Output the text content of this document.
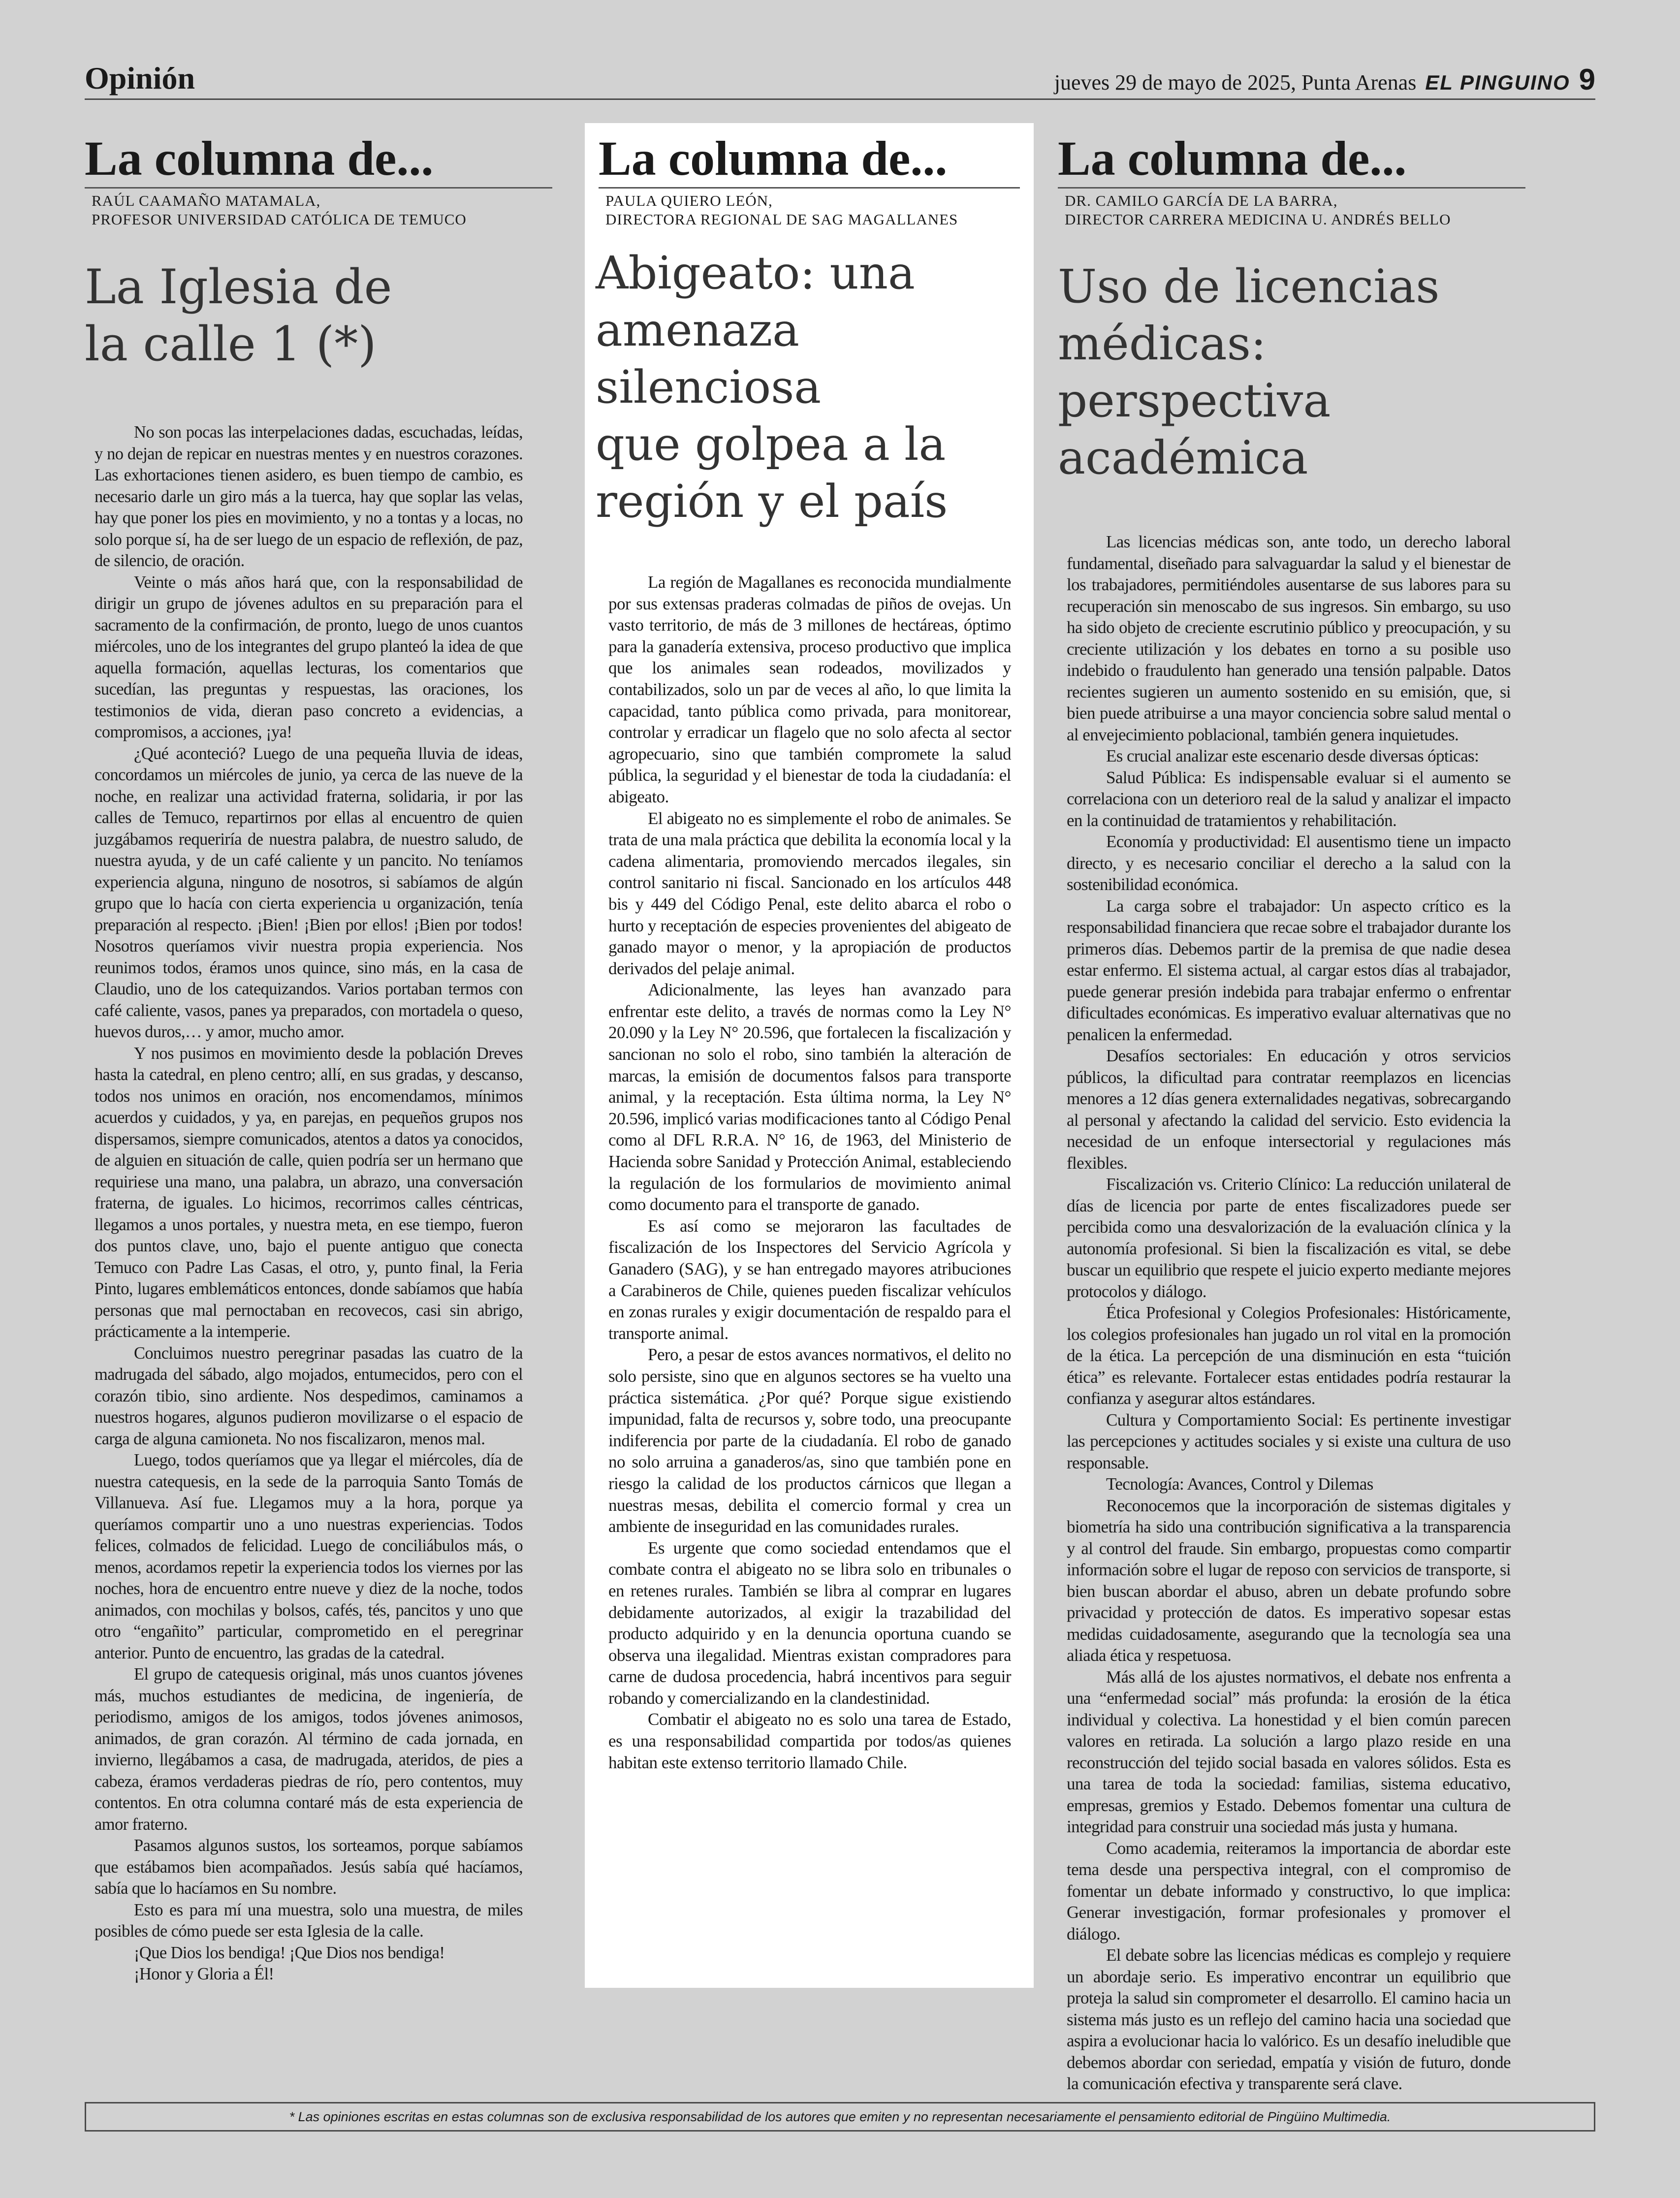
Opinión	jueves 29 de mayo de 2025, Punta Arenas EL PINGUINO 9
La columna de...
RAÚL CAAMAÑO MATAMALA,
PROFESOR UNIVERSIDAD CATÓLICA DE TEMUCO
La Iglesia de
la calle 1 (*)

No son pocas las interpelaciones dadas, escuchadas, leídas, y no dejan de repicar en nuestras mentes y en nuestros corazones. Las exhortaciones tienen asidero, es buen tiempo de cambio, es necesario darle un giro más a la tuerca, hay que soplar las velas, hay que poner los pies en movimiento, y no a tontas y a locas, no solo porque sí, ha de ser luego de un espacio de reflexión, de paz, de silencio, de oración.

Veinte o más años hará que, con la responsabilidad de dirigir un grupo de jóvenes adultos en su preparación para el sacramento de la confirmación, de pronto, luego de unos cuantos miércoles, uno de los integrantes del grupo planteó la idea de que aquella formación, aquellas lecturas, los comentarios que sucedían, las preguntas y respuestas, las oraciones, los testimonios de vida, dieran paso concreto a evidencias, a compromisos, a acciones, ¡ya!

¿Qué aconteció? Luego de una pequeña lluvia de ideas, concordamos un miércoles de junio, ya cerca de las nueve de la noche, en realizar una actividad fraterna, solidaria, ir por las calles de Temuco, repartirnos por ellas al encuentro de quien juzgábamos requeriría de nuestra palabra, de nuestro saludo, de nuestra ayuda, y de un café caliente y un pancito. No teníamos experiencia alguna, ninguno de nosotros, si sabíamos de algún grupo que lo hacía con cierta experiencia u organización, tenía preparación al respecto. ¡Bien! ¡Bien por ellos! ¡Bien por todos! Nosotros queríamos vivir nuestra propia experiencia. Nos reunimos todos, éramos unos quince, sino más, en la casa de Claudio, uno de los catequizandos. Varios portaban termos con café caliente, vasos, panes ya preparados, con mortadela o queso, huevos duros,… y amor, mucho amor.

Y nos pusimos en movimiento desde la población Dreves hasta la catedral, en pleno centro; allí, en sus gradas, y descanso, todos nos unimos en oración, nos encomendamos, mínimos acuerdos y cuidados, y ya, en parejas, en pequeños grupos nos dispersamos, siempre comunicados, atentos a datos ya conocidos, de alguien en situación de calle, quien podría ser un hermano que requiriese una mano, una palabra, un abrazo, una conversación fraterna, de iguales. Lo hicimos, recorrimos calles céntricas, llegamos a unos portales, y nuestra meta, en ese tiempo, fueron dos puntos clave, uno, bajo el puente antiguo que conecta Temuco con Padre Las Casas, el otro, y, punto final, la Feria Pinto, lugares emblemáticos entonces, donde sabíamos que había personas que mal pernoctaban en recovecos, casi sin abrigo, prácticamente a la intemperie.

Concluimos nuestro peregrinar pasadas las cuatro de la madrugada del sábado, algo mojados, entumecidos, pero con el corazón tibio, sino ardiente. Nos despedimos, caminamos a nuestros hogares, algunos pudieron movilizarse o el espacio de carga de alguna camioneta. No nos fiscalizaron, menos mal.

Luego, todos queríamos que ya llegar el miércoles, día de nuestra catequesis, en la sede de la parroquia Santo Tomás de Villanueva. Así fue. Llegamos muy a la hora, porque ya queríamos compartir uno a uno nuestras experiencias. Todos felices, colmados de felicidad. Luego de conciliábulos más, o menos, acordamos repetir la experiencia todos los viernes por las noches, hora de encuentro entre nueve y diez de la noche, todos animados, con mochilas y bolsos, cafés, tés, pancitos y uno que otro “engañito” particular, comprometido en el peregrinar anterior. Punto de encuentro, las gradas de la catedral.

El grupo de catequesis original, más unos cuantos jóvenes más, muchos estudiantes de medicina, de ingeniería, de periodismo, amigos de los amigos, todos jóvenes animosos, animados, de gran corazón. Al término de cada jornada, en invierno, llegábamos a casa, de madrugada, ateridos, de pies a cabeza, éramos verdaderas piedras de río, pero contentos, muy contentos. En otra columna contaré más de esta experiencia de amor fraterno.

Pasamos algunos sustos, los sorteamos, porque sabíamos que estábamos bien acompañados. Jesús sabía qué hacíamos, sabía que lo hacíamos en Su nombre.

Esto es para mí una muestra, solo una muestra, de miles posibles de cómo puede ser esta Iglesia de la calle.

¡Que Dios los bendiga! ¡Que Dios nos bendiga!

¡Honor y Gloria a Él!

La columna de...
PAULA QUIERO LEÓN,
DIRECTORA REGIONAL DE SAG MAGALLANES
Abigeato: una
amenaza silenciosa
que golpea a la
región y el país

La región de Magallanes es reconocida mundialmente por sus extensas praderas colmadas de piños de ovejas. Un vasto territorio, de más de 3 millones de hectáreas, óptimo para la ganadería extensiva, proceso productivo que implica que los animales sean rodeados, movilizados y contabilizados, solo un par de veces al año, lo que limita la capacidad, tanto pública como privada, para monitorear, controlar y erradicar un flagelo que no solo afecta al sector agropecuario, sino que también compromete la salud pública, la seguridad y el bienestar de toda la ciudadanía: el abigeato.

El abigeato no es simplemente el robo de animales. Se trata de una mala práctica que debilita la economía local y la cadena alimentaria, promoviendo mercados ilegales, sin control sanitario ni fiscal. Sancionado en los artículos 448 bis y 449 del Código Penal, este delito abarca el robo o hurto y receptación de especies provenientes del abigeato de ganado mayor o menor, y la apropiación de productos derivados del pelaje animal.

Adicionalmente, las leyes han avanzado para enfrentar este delito, a través de normas como la Ley N° 20.090 y la Ley N° 20.596, que fortalecen la fiscalización y sancionan no solo el robo, sino también la alteración de marcas, la emisión de documentos falsos para transporte animal, y la receptación. Esta última norma, la Ley N° 20.596, implicó varias modificaciones tanto al Código Penal como al DFL R.R.A. N° 16, de 1963, del Ministerio de Hacienda sobre Sanidad y Protección Animal, estableciendo la regulación de los formularios de movimiento animal como documento para el transporte de ganado.

Es así como se mejoraron las facultades de fiscalización de los Inspectores del Servicio Agrícola y Ganadero (SAG), y se han entregado mayores atribuciones a Carabineros de Chile, quienes pueden fiscalizar vehículos en zonas rurales y exigir documentación de respaldo para el transporte animal.

Pero, a pesar de estos avances normativos, el delito no solo persiste, sino que en algunos sectores se ha vuelto una práctica sistemática. ¿Por qué? Porque sigue existiendo impunidad, falta de recursos y, sobre todo, una preocupante indiferencia por parte de la ciudadanía. El robo de ganado no solo arruina a ganaderos/as, sino que también pone en riesgo la calidad de los productos cárnicos que llegan a nuestras mesas, debilita el comercio formal y crea un ambiente de inseguridad en las comunidades rurales.

Es urgente que como sociedad entendamos que el combate contra el abigeato no se libra solo en tribunales o en retenes rurales. También se libra al comprar en lugares debidamente autorizados, al exigir la trazabilidad del producto adquirido y en la denuncia oportuna cuando se observa una ilegalidad. Mientras existan compradores para carne de dudosa procedencia, habrá incentivos para seguir robando y comercializando en la clandestinidad.

Combatir el abigeato no es solo una tarea de Estado, es una responsabilidad compartida por todos/as quienes habitan este extenso territorio llamado Chile.

La columna de...
DR. CAMILO GARCÍA DE LA BARRA,
DIRECTOR CARRERA MEDICINA U. ANDRÉS BELLO
Uso de licencias
médicas: perspectiva
académica

Las licencias médicas son, ante todo, un derecho laboral fundamental, diseñado para salvaguardar la salud y el bienestar de los trabajadores, permitiéndoles ausentarse de sus labores para su recuperación sin menoscabo de sus ingresos. Sin embargo, su uso ha sido objeto de creciente escrutinio público y preocupación, y su creciente utilización y los debates en torno a su posible uso indebido o fraudulento han generado una tensión palpable. Datos recientes sugieren un aumento sostenido en su emisión, que, si bien puede atribuirse a una mayor conciencia sobre salud mental o al envejecimiento poblacional, también genera inquietudes.

Es crucial analizar este escenario desde diversas ópticas:

Salud Pública: Es indispensable evaluar si el aumento se correlaciona con un deterioro real de la salud y analizar el impacto en la continuidad de tratamientos y rehabilitación.

Economía y productividad: El ausentismo tiene un impacto directo, y es necesario conciliar el derecho a la salud con la sostenibilidad económica.

La carga sobre el trabajador: Un aspecto crítico es la responsabilidad financiera que recae sobre el trabajador durante los primeros días. Debemos partir de la premisa de que nadie desea estar enfermo. El sistema actual, al cargar estos días al trabajador, puede generar presión indebida para trabajar enfermo o enfrentar dificultades económicas. Es imperativo evaluar alternativas que no penalicen la enfermedad.

Desafíos sectoriales: En educación y otros servicios públicos, la dificultad para contratar reemplazos en licencias menores a 12 días genera externalidades negativas, sobrecargando al personal y afectando la calidad del servicio. Esto evidencia la necesidad de un enfoque intersectorial y regulaciones más flexibles.

Fiscalización vs. Criterio Clínico: La reducción unilateral de días de licencia por parte de entes fiscalizadores puede ser percibida como una desvalorización de la evaluación clínica y la autonomía profesional. Si bien la fiscalización es vital, se debe buscar un equilibrio que respete el juicio experto mediante mejores protocolos y diálogo.

Ética Profesional y Colegios Profesionales: Históricamente, los colegios profesionales han jugado un rol vital en la promoción de la ética. La percepción de una disminución en esta “tuición ética” es relevante. Fortalecer estas entidades podría restaurar la confianza y asegurar altos estándares.

Cultura y Comportamiento Social: Es pertinente investigar las percepciones y actitudes sociales y si existe una cultura de uso responsable.

Tecnología: Avances, Control y Dilemas

Reconocemos que la incorporación de sistemas digitales y biometría ha sido una contribución significativa a la transparencia y al control del fraude. Sin embargo, propuestas como compartir información sobre el lugar de reposo con servicios de transporte, si bien buscan abordar el abuso, abren un debate profundo sobre privacidad y protección de datos. Es imperativo sopesar estas medidas cuidadosamente, asegurando que la tecnología sea una aliada ética y respetuosa.

Más allá de los ajustes normativos, el debate nos enfrenta a una “enfermedad social” más profunda: la erosión de la ética individual y colectiva. La honestidad y el bien común parecen valores en retirada. La solución a largo plazo reside en una reconstrucción del tejido social basada en valores sólidos. Esta es una tarea de toda la sociedad: familias, sistema educativo, empresas, gremios y Estado. Debemos fomentar una cultura de integridad para construir una sociedad más justa y humana.

Como academia, reiteramos la importancia de abordar este tema desde una perspectiva integral, con el compromiso de fomentar un debate informado y constructivo, lo que implica: Generar investigación, formar profesionales y promover el diálogo.

El debate sobre las licencias médicas es complejo y requiere un abordaje serio. Es imperativo encontrar un equilibrio que proteja la salud sin comprometer el desarrollo. El camino hacia un sistema más justo es un reflejo del camino hacia una sociedad que aspira a evolucionar hacia lo valórico. Es un desafío ineludible que debemos abordar con seriedad, empatía y visión de futuro, donde la comunicación efectiva y transparente será clave.

* Las opiniones escritas en estas columnas son de exclusiva responsabilidad de los autores que emiten y no representan necesariamente el pensamiento editorial de Pingüino Multimedia.
